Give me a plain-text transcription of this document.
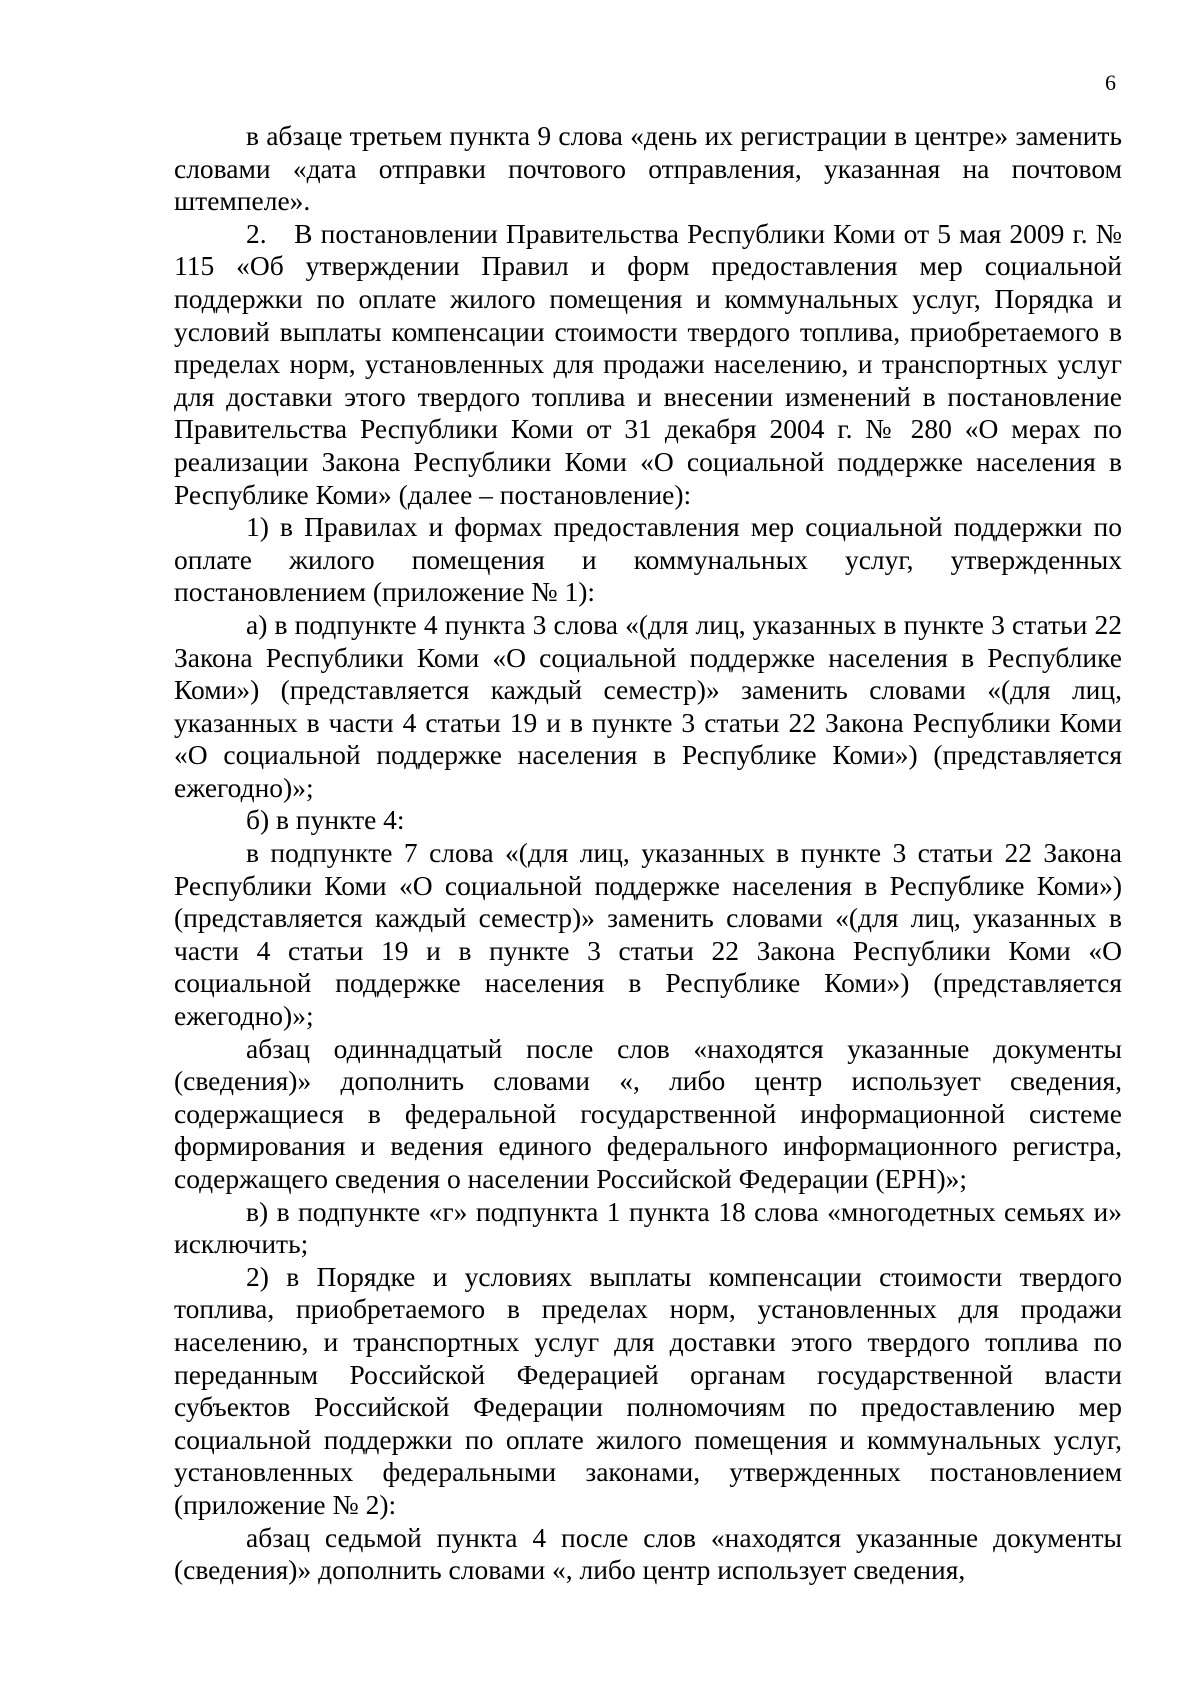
6

в абзаце третьем пункта 9 слова «день их регистрации в центре» заменить словами «дата отправки почтового отправления, указанная на почтовом штемпеле».

2. В постановлении Правительства Республики Коми от 5 мая 2009 г. № 115 «Об утверждении Правил и форм предоставления мер социальной поддержки по оплате жилого помещения и коммунальных услуг, Порядка и условий выплаты компенсации стоимости твердого топлива, приобретаемого в пределах норм, установленных для продажи населению, и транспортных услуг для доставки этого твердого топлива и внесении изменений в постановление Правительства Республики Коми от 31 декабря 2004 г. № 280 «О мерах по реализации Закона Республики Коми «О социальной поддержке населения в Республике Коми» (далее – постановление):

1) в Правилах и формах предоставления мер социальной поддержки по оплате жилого помещения и коммунальных услуг, утвержденных постановлением (приложение № 1):

а) в подпункте 4 пункта 3 слова «(для лиц, указанных в пункте 3 статьи 22 Закона Республики Коми «О социальной поддержке населения в Республике Коми») (представляется каждый семестр)» заменить словами «(для лиц, указанных в части 4 статьи 19 и в пункте 3 статьи 22 Закона Республики Коми «О социальной поддержке населения в Республике Коми») (представляется ежегодно)»;

б) в пункте 4:

в подпункте 7 слова «(для лиц, указанных в пункте 3 статьи 22 Закона Республики Коми «О социальной поддержке населения в Республике Коми») (представляется каждый семестр)» заменить словами «(для лиц, указанных в части 4 статьи 19 и в пункте 3 статьи 22 Закона Республики Коми «О социальной поддержке населения в Республике Коми») (представляется ежегодно)»;

абзац одиннадцатый после слов «находятся указанные документы (сведения)» дополнить словами «, либо центр использует сведения, содержащиеся в федеральной государственной информационной системе формирования и ведения единого федерального информационного регистра, содержащего сведения о населении Российской Федерации (ЕРН)»;

в) в подпункте «г» подпункта 1 пункта 18 слова «многодетных семьях и» исключить;

2) в Порядке и условиях выплаты компенсации стоимости твердого топлива, приобретаемого в пределах норм, установленных для продажи населению, и транспортных услуг для доставки этого твердого топлива по переданным Российской Федерацией органам государственной власти субъектов Российской Федерации полномочиям по предоставлению мер социальной поддержки по оплате жилого помещения и коммунальных услуг, установленных федеральными законами, утвержденных постановлением (приложение № 2):

абзац седьмой пункта 4 после слов «находятся указанные документы (сведения)» дополнить словами «, либо центр использует сведения,
